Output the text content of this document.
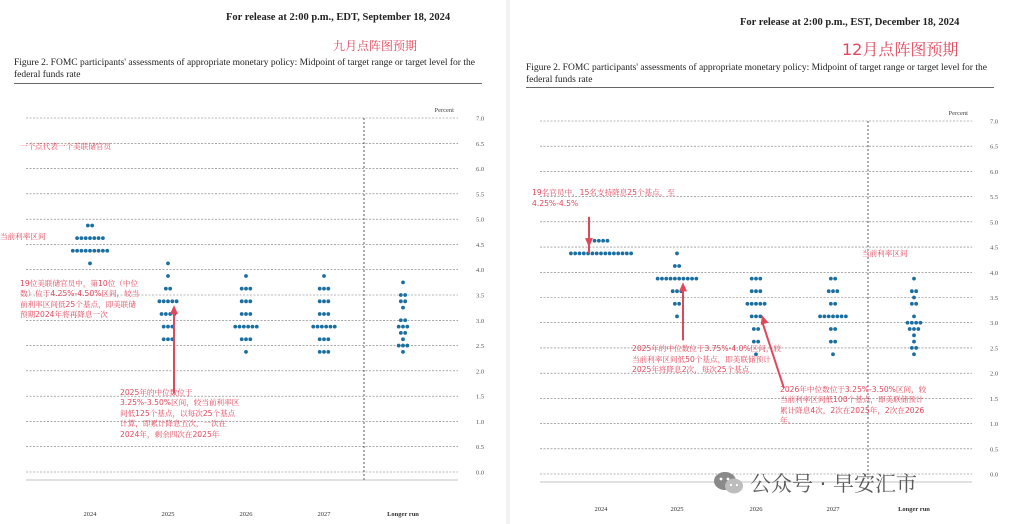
For release at 2:00 p.m., EDT, September 18, 2024
九月点阵图预期
Figure 2. FOMC participants' assessments of appropriate monetary policy: Midpoint of target range or target level for the federal funds rate
0.0
0.5
1.0
1.5
2.0
2.5
3.0
3.5
4.0
4.5
5.0
5.5
6.0
6.5
7.0
Percent
2024	2025	2026	2027	Longer run
一个点代表一个美联储官员
当前利率区间
19位美联储官员中，第10位（中位数）位于4.25%-4.50%区间，较当前利率区间低25个基点，即美联储预期2024年将再降息一次
2025年的中位数位于3.25%-3.50%区间，较当前利率区间低125个基点，以每次25个基点计算，即累计降息五次，一次在2024年，剩余四次在2025年
For release at 2:00 p.m., EST, December 18, 2024
12月点阵图预期
Figure 2. FOMC participants' assessments of appropriate monetary policy: Midpoint of target range or target level for the federal funds rate
0.0
0.5
1.0
1.5
2.0
2.5
3.0
3.5
4.0
4.5
5.0
5.5
6.0
6.5
7.0
Percent
2024	2025	2026	2027	Longer run
19名官员中，15名支持降息25个基点，至4.25%-4.5%
当前利率区间
2025年的中位数位于3.75%-4.0%区间，较当前利率区间低50个基点，即美联储预计2025年将降息2次，每次25个基点
2026年中位数位于3.25%-3.50%区间，较当前利率区间低100个基点，即美联储预计累计降息4次，2次在2025年，2次在2026年。
公众号 · 早安汇市
